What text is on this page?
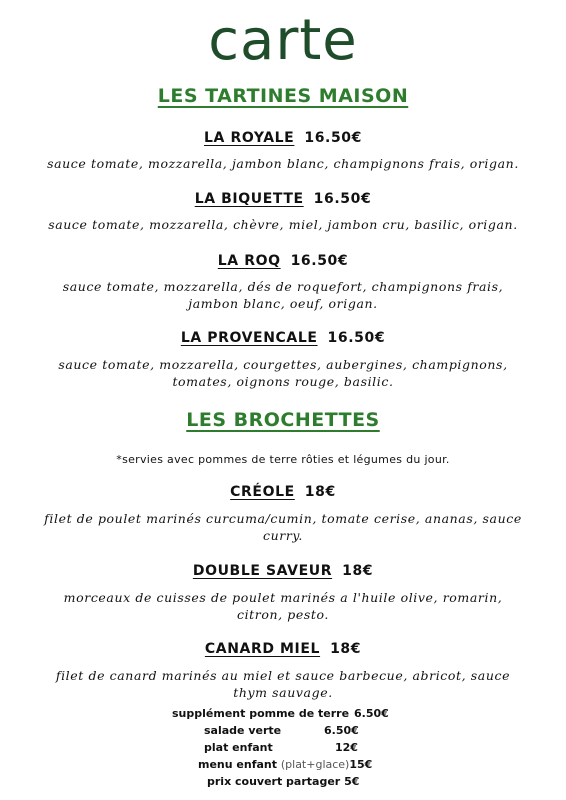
carte
LES TARTINES MAISON
LA ROYALE 16.50€
sauce tomate, mozzarella, jambon blanc, champignons frais, origan.
LA BIQUETTE 16.50€
sauce tomate, mozzarella, chèvre, miel, jambon cru, basilic, origan.
LA ROQ 16.50€
sauce tomate, mozzarella, dés de roquefort, champignons frais,
jambon blanc, oeuf, origan.
LA PROVENCALE 16.50€
sauce tomate, mozzarella, courgettes, aubergines, champignons,
tomates, oignons rouge, basilic.
LES BROCHETTES
*servies avec pommes de terre rôties et légumes du jour.
CRÉOLE 18€
filet de poulet marinés curcuma/cumin, tomate cerise, ananas, sauce
curry.
DOUBLE SAVEUR 18€
morceaux de cuisses de poulet marinés a l'huile olive, romarin,
citron, pesto.
CANARD MIEL 18€
filet de canard marinés au miel et sauce barbecue, abricot, sauce
thym sauvage.
supplément pomme de terre 6.50€
salade verte	6.50€
plat enfant	12€
menu enfant (plat+glace)15€
prix couvert partager 5€
